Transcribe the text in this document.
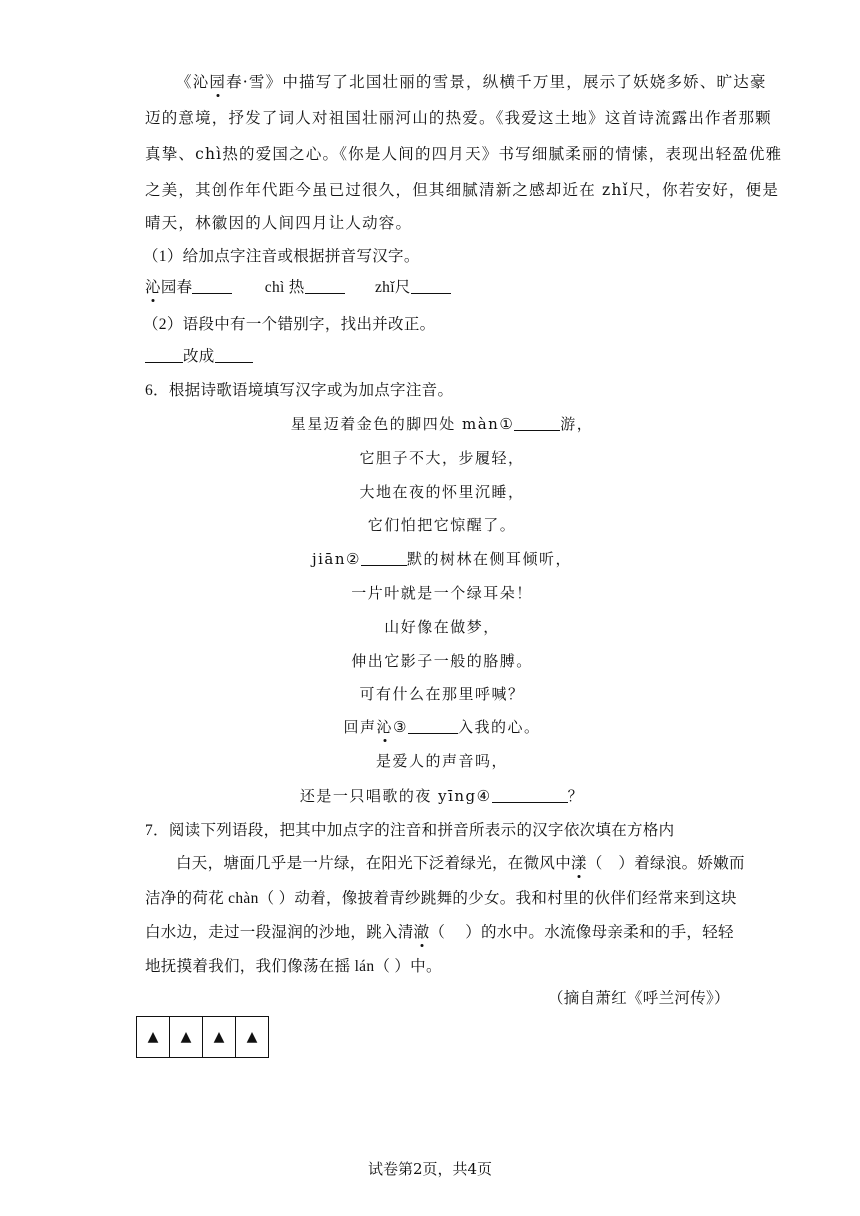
《沁园春·雪》中描写了北国壮丽的雪景，纵横千万里，展示了妖娆多娇、旷达豪
迈的意境，抒发了词人对祖国壮丽河山的热爱。《我爱这土地》这首诗流露出作者那颗
真挚、chì热的爱国之心。《你是人间的四月天》书写细腻柔丽的情愫，表现出轻盈优雅
之美，其创作年代距今虽已过很久，但其细腻清新之感却近在 zhǐ尺，你若安好，便是
晴天，林徽因的人间四月让人动容。
（1）给加点字注音或根据拼音写汉字。
沁园春	chì 热	zhǐ尺
（2）语段中有一个错别字，找出并改正。
改成
6．根据诗歌语境填写汉字或为加点字注音。
星星迈着金色的脚四处 màn①	游，
它胆子不大，步履轻，
大地在夜的怀里沉睡，
它们怕把它惊醒了。
jiān②	默的树林在侧耳倾听，
一片叶就是一个绿耳朵！
山好像在做梦，
伸出它影子一般的胳膊。
可有什么在那里呼喊？
回声沁③	入我的心。
是爱人的声音吗，
还是一只唱歌的夜 yīng④	？
7．阅读下列语段，把其中加点字的注音和拼音所表示的汉字依次填在方格内
白天，塘面几乎是一片绿，在阳光下泛着绿光，在微风中漾（　）着绿浪。娇嫩而
洁净的荷花 chàn（ ）动着，像披着青纱跳舞的少女。我和村里的伙伴们经常来到这块
白水边，走过一段湿润的沙地，跳入清澈（　 ）的水中。水流像母亲柔和的手，轻轻
地抚摸着我们，我们像荡在摇 lán（ ）中。
（摘自萧红《呼兰河传》）
▲	▲	▲	▲
试卷第2页，共4页
